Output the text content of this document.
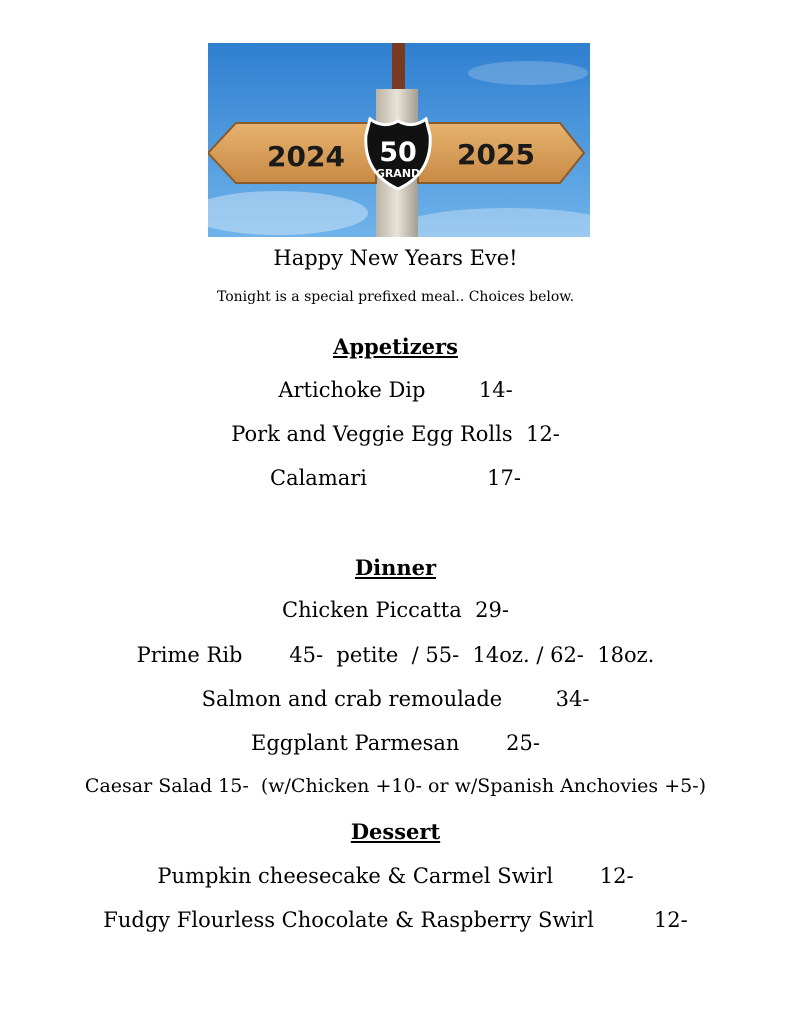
2024	2025
50
GRAND
Happy New Years Eve!
Tonight is a special prefixed meal.. Choices below.
Appetizers
Artichoke Dip        14-
Pork and Veggie Egg Rolls  12-
Calamari                  17-
Dinner
Chicken Piccatta  29-
Prime Rib       45-  petite  / 55-  14oz. / 62-  18oz.
Salmon and crab remoulade        34-
Eggplant Parmesan       25-
Caesar Salad 15-  (w/Chicken +10- or w/Spanish Anchovies +5-)
Dessert
Pumpkin cheesecake & Carmel Swirl       12-
Fudgy Flourless Chocolate & Raspberry Swirl         12-
